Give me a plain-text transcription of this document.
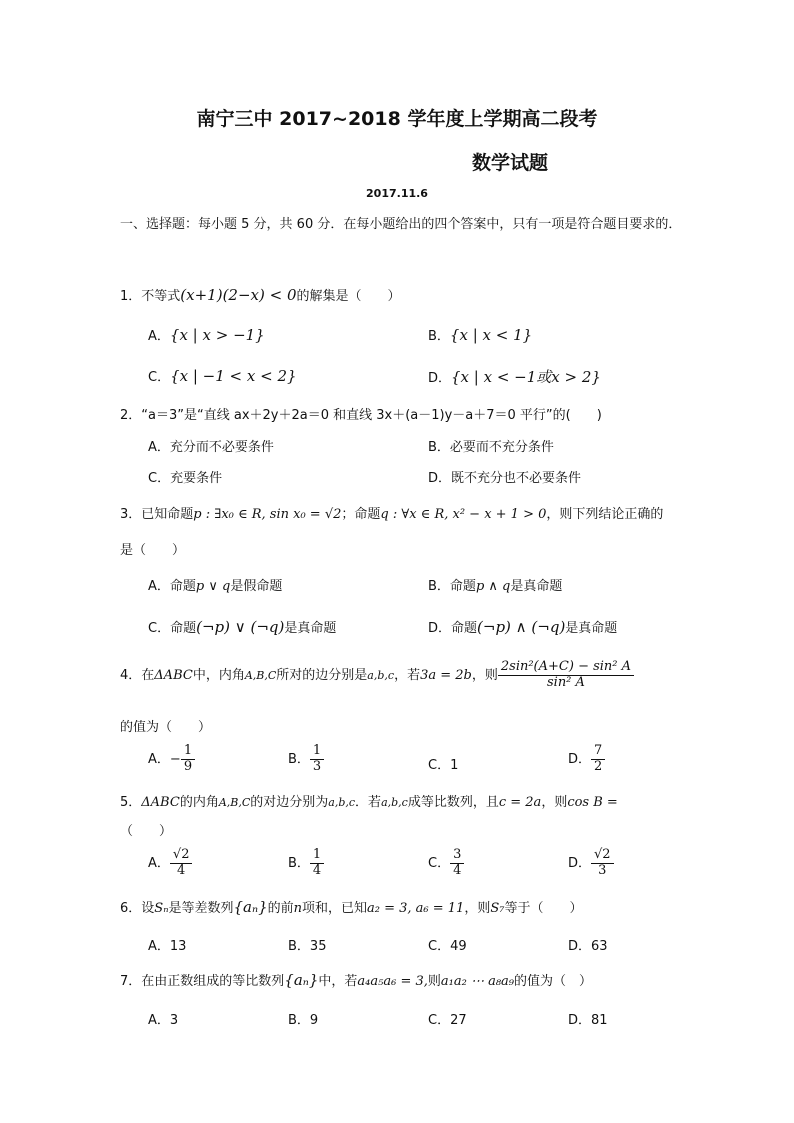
南宁三中 2017~2018 学年度上学期高二段考
数学试题
2017.11.6
一、选择题：每小题 5 分，共 60 分．在每小题给出的四个答案中，只有一项是符合题目要求的．
1．不等式(x+1)(2−x) < 0的解集是（　　）
A．{x | x > −1}	B．{x | x < 1}
C．{x | −1 < x < 2}	D．{x | x < −1或x > 2}
2．“a＝3”是“直线 ax＋2y＋2a＝0 和直线 3x＋(a－1)y－a＋7＝0 平行”的(　　)
A．充分而不必要条件	B．必要而不充分条件
C．充要条件	D．既不充分也不必要条件
3．已知命题p : ∃x₀ ∈ R, sin x₀ = √2；命题q : ∀x ∈ R, x² − x + 1 > 0，则下列结论正确的
是（　　）
A．命题p ∨ q是假命题	B．命题p ∧ q是真命题
C．命题(¬p) ∨ (¬q)是真命题	D．命题(¬p) ∧ (¬q)是真命题
4．在ΔABC中，内角A,B,C所对的边分别是a,b,c，若3a = 2b，则 $\frac{\text{2sin²(A+C) − sin² A}}{\text{sin² A}}$
的值为（　　）
A．− $\frac{1}{9}$	B． $\frac{1}{3}$	C．1	D． $\frac{7}{2}$
5．ΔABC的内角A,B,C的对边分别为a,b,c．若a,b,c成等比数列，且c = 2a，则cos B =
（　　）
A． $\frac{√2}{4}$	B． $\frac{1}{4}$	C． $\frac{3}{4}$	D． $\frac{√2}{3}$
6．设Sₙ是等差数列{aₙ}的前n项和，已知a₂ = 3, a₆ = 11，则S₇等于（　　）
A．13	B．35	C．49	D．63
7．在由正数组成的等比数列{aₙ}中，若a₄a₅a₆ = 3,则a₁a₂ ⋯ a₈a₉的值为（　）
A．3	B．9	C．27	D．81
